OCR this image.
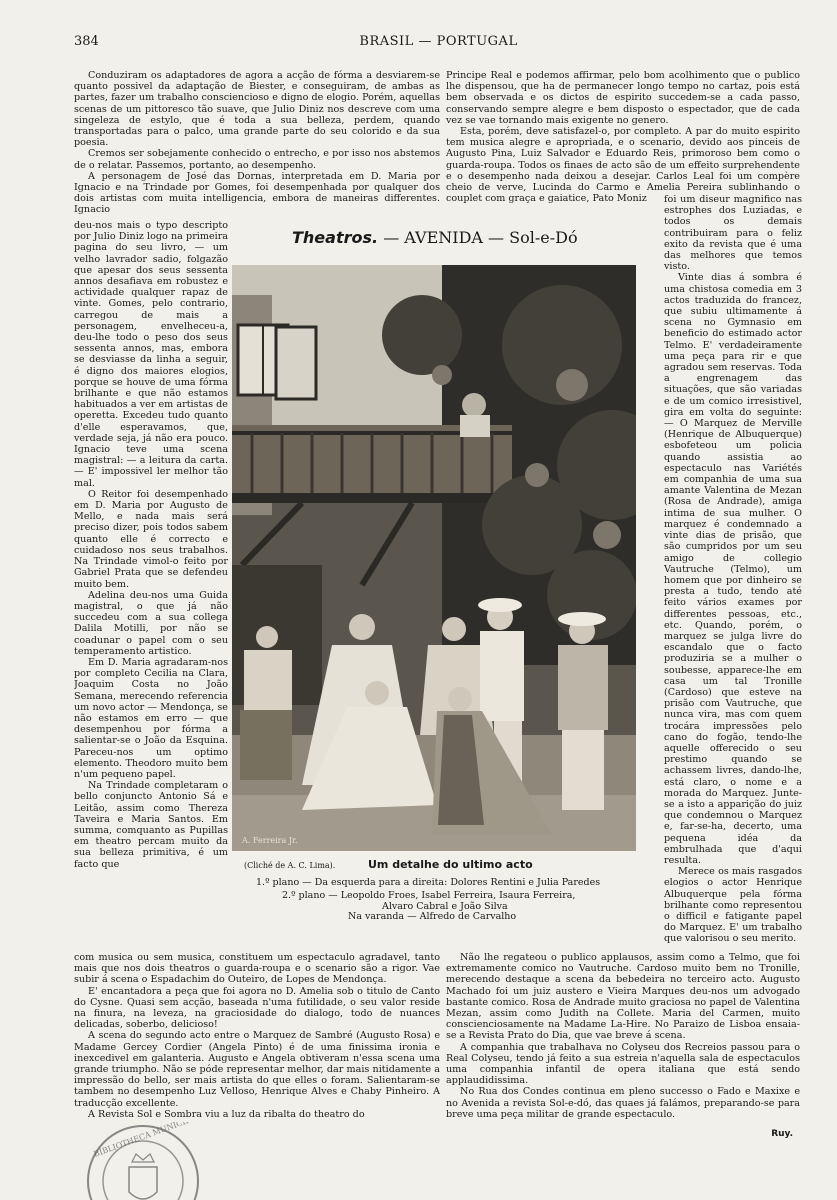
384	BRASIL — PORTUGAL

Conduziram os adaptadores de agora a acção de fórma a desviarem-se quanto possivel da adaptação de Biester, e conseguiram, de ambas as partes, fazer um trabalho conscienciosо e digno de elogio. Porém, aquellas scenas de um pittoresco tão suave, que Julio Diniz nos descreve com uma singeleza de estylo, que é toda a sua belleza, perdem, quando transportadas para o palco, uma grande parte do seu colorido e da sua poesia.

Cremos ser sobejamente conhecido o entrecho, e por isso nos abstemos de o relatar. Passemos, portanto, ao desempenho.

A personagem de José das Dornas, interpretada em D. Maria por Ignacio e na Trindade por Gomes, foi desempenhada por qualquer dos dois artistas com muita intelligencia, embora de maneiras differentes. Ignacio

Principe Real e podemos affirmar, pelo bom acolhimento que o publico lhe dispensou, que ha de permanecer longo tempo no cartaz, pois está bem observada e os dictos de espirito succedem-se a cada passo, conservando sempre alegre e bem disposto o espectador, que de cada vez se vae tornando mais exigente no genero.

Esta, porém, deve satisfazel-o, por completo. A par do muito espirito tem musica alegre e apropriada, e o scenario, devido aos pinceis de Augusto Pina, Luiz Salvador e Eduardo Reis, primoroso bem como o guarda-roupa. Todos os finaes de acto são de um effeito surprehendente e o desempenho nada deixou a desejar. Carlos Leal foi um compère cheio de verve, Lucinda do Carmo e Amelia Pereira sublinhando o couplet com graça e gaiatice, Pato Moniz

Theatros. — AVENIDA — Sol-e-Dó

deu-nos mais o typo descripto por Julio Diniz logo na primeira pagina do seu livro, — um velho lavrador sadio, folgazão que apesar dos seus sessenta annos desafiava em robustez e actividade qualquer rapaz de vinte. Gomes, pelo contrario, carregou de mais a personagem, envelheceu-a, deu-lhe todo o peso dos seus sessenta annos, mas, embora se desviasse da linha a seguir, é digno dos maiores elogios, porque se houve de uma fórma brilhante e que não estamos habituados a ver em artistas de operetta. Excedeu tudo quanto d'elle esperavamos, que, verdade seja, já não era pouco. Ignacio teve uma scena magistral: — a leitura da carta.— E' impossivel ler melhor tão mal.

O Reitor foi desempenhado em D. Maria por Augusto de Mello, e nada mais será preciso dizer, pois todos sabem quanto elle é correcto e cuidadoso nos seus trabalhos. Na Trindade vimol-o feito por Gabriel Prata que se defendeu muito bem.

Adelina deu-nos uma Guida magistral, o que já não succedeu com a sua collega Dalila Motilli, por não se coadunar o papel com o seu temperamento artistico.

Em D. Maria agradaram-nos por completo Cecilia na Clara, Joaquim Costa no João Semana, merecendo referencia um novo actor — Mendonça, se não estamos em erro — que desempenhou por fórma a salientar-se o João da Esquina. Pareceu-nos um optimo elemento. Theodoro muito bem n'um pequeno papel.

Na Trindade completaram o bello conjuncto Antonio Sá e Leitão, assim como Thereza Taveira e Maria Santos. Em summa, comquanto as Pupillas em theatro percam muito da sua belleza primitiva, é um facto que

A. Ferreira Jr.
(Cliché de A. C. Lima).	Um detalhe do ultimo acto
1.º plano — Da esquerda para a direita: Dolores Rentini e Julia Paredes
2.º plano — Leopoldo Froes, Isabel Ferreira, Isaura Ferreira,
Alvaro Cabral e João Silva
Na varanda — Alfredo de Carvalho

foi um diseur magnifico nas estrophes dos Luziadas, e todos os demais contribuiram para o feliz exito da revista que é uma das melhores que temos visto.

Vinte dias á sombra é uma chistosa comedia em 3 actos traduzida do francez, que subiu ultimamente á scena no Gymnasio em beneficio do estimado actor Telmo. E' verdadeiramente uma peça para rir e que agradou sem reservas. Toda a engrenagem das situações, que são variadas e de um comico irresistivel, gira em volta do seguinte: — O Marquez de Merville (Henrique de Albuquerque) esbofeteou um policia quando assistia ao espectaculo nas Variétés em companhia de uma sua amante Valentina de Mezan (Rosa de Andrade), amiga intima de sua mulher. O marquez é condemnado a vinte dias de prisão, que são cumpridos por um seu amigo de collegio Vautruche (Telmo), um homem que por dinheiro se presta a tudo, tendo até feito vários exames por differentes pessoas, etc., etc. Quando, porém, o marquez se julga livre do escandalo que o facto produziria se a mulher o soubesse, apparece-lhe em casa um tal Tronille (Cardoso) que esteve na prisão com Vautruche, que nunca vira, mas com quem trocára impressões pelo cano do fogão, tendo-lhe aquelle offerecido o seu prestimo quando se achassem livres, dando-lhe, está claro, o nome e a morada do Marquez. Junte-se a isto a apparição do juiz que condemnou o Marquez e, far-se-ha, decerto, uma pequena idéa da embrulhada que d'aqui resulta.

Merece os mais rasgados elogios o actor Henrique Albuquerque pela fórma brilhante como representou o difficil e fatigante papel do Marquez. E' um trabalho que valorisou o seu merito.

com musica ou sem musica, constituem um espectaculo agradavel, tanto mais que nos dois theatros o guarda-roupa e o scenario são a rigor. Vae subir á scena o Espadachim do Outeiro, de Lopes de Mendonça.

E' encantadora a peça que foi agora no D. Amelia sob o titulo de Canto do Cysne. Quasi sem acção, baseada n'uma futilidade, o seu valor reside na finura, na leveza, na graciosidade do dialogo, todo de nuances delicadas, soberbo, delicioso!

A scena do segundo acto entre o Marquez de Sambré (Augusto Rosa) e Madame Gercey Cordier (Angela Pinto) é de uma finissima ironia e inexcedivel em galanteria. Augusto e Angela obtiveram n'essa scena uma grande triumpho. Não se póde representar melhor, dar mais nitidamente a impressão do bello, ser mais artista do que elles o foram. Salientaram-se tambem no desempenho Luz Velloso, Henrique Alves e Chaby Pinheiro. A traducção excellente.

A Revista Sol e Sombra viu a luz da ribalta do theatro do

Não lhe regateou o publico applausos, assim como a Telmo, que foi extremamente comico no Vautruche. Cardoso muito bem no Tronille, merecendo destaque a scena da bebedeira no terceiro acto. Augusto Machado foi um juiz austero e Vieira Marques deu-nos um advogado bastante comico. Rosa de Andrade muito graciosa no papel de Valentina Mezan, assim como Judith na Collete. Maria del Carmen, muito conscienciosamente na Madame La-Hire. No Paraizo de Lisboa ensaia-se a Revista Prato do Dia, que vae breve á scena.

A companhia que trabalhava no Colyseu dos Recreios passou para o Real Colyseu, tendo já feito a sua estreia n'aquella sala de espectaculos uma companhia infantil de opera italiana que está sendo applaudidissima.

No Rua dos Condes continua em pleno successo o Fado e Maxixe e no Avenida a revista Sol-e-dó, das quaes já falámos, preparando-se para breve uma peça militar de grande espectaculo.

Ruy.
BIBLIOTHECA MUNICIPAL
